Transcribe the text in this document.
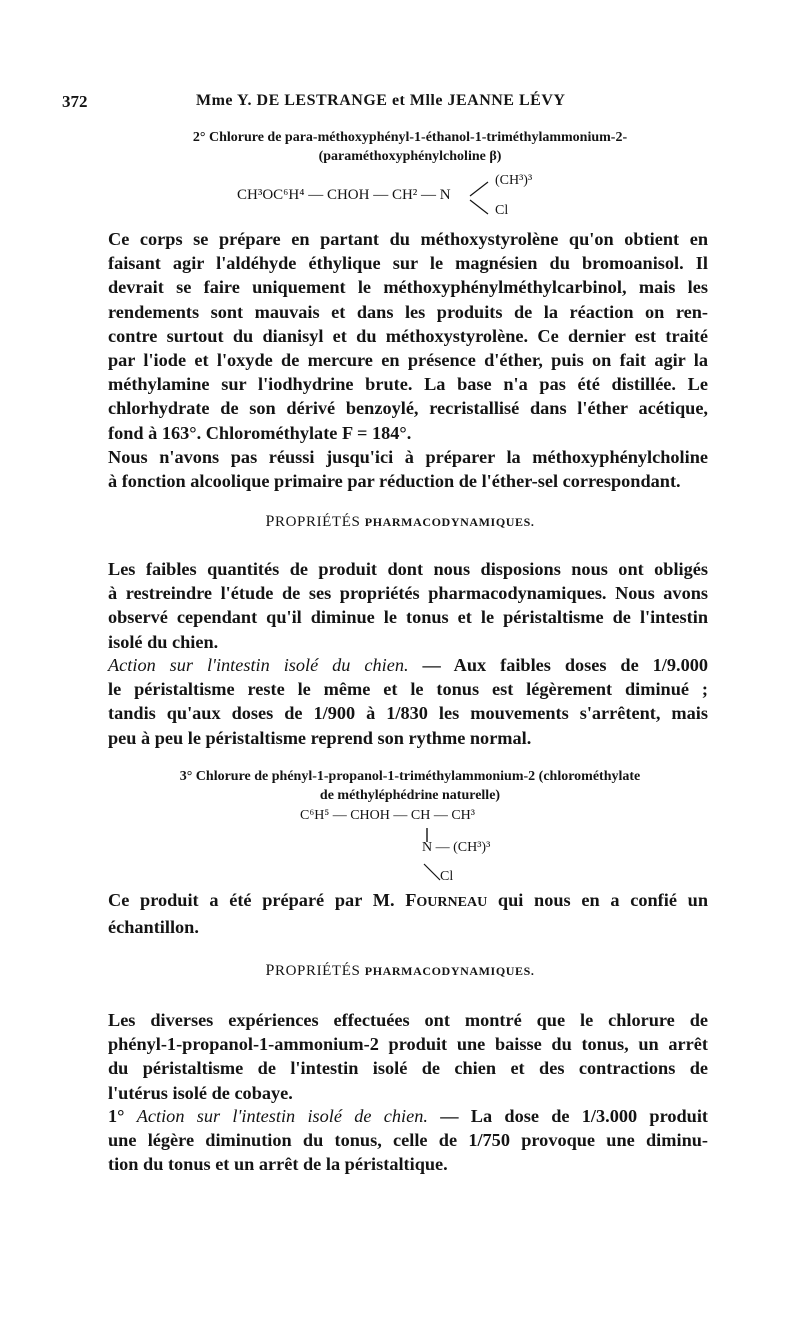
372	Mme Y. DE LESTRANGE et Mlle JEANNE LÉVY
2° Chlorure de para-méthoxyphényl-1-éthanol-1-triméthylammonium-2-
(paraméthoxyphénylcholine β)
CH³OC⁶H⁴ — CHOH — CH² — N
(CH³)³
Cl
Ce corps se prépare en partant du méthoxystyrolène qu'on obtient en
faisant agir l'aldéhyde éthylique sur le magnésien du bromoanisol. Il
devrait se faire uniquement le méthoxyphénylméthylcarbinol, mais les
rendements sont mauvais et dans les produits de la réaction on ren-
contre surtout du dianisyl et du méthoxystyrolène. Ce dernier est traité
par l'iode et l'oxyde de mercure en présence d'éther, puis on fait agir la
méthylamine sur l'iodhydrine brute. La base n'a pas été distillée. Le
chlorhydrate de son dérivé benzoylé, recristallisé dans l'éther acétique,
fond à 163°. Chlorométhylate F = 184°.
Nous n'avons pas réussi jusqu'ici à préparer la méthoxyphénylcholine
à fonction alcoolique primaire par réduction de l'éther-sel correspondant.
PROPRIÉTÉS PHARMACODYNAMIQUES.
Les faibles quantités de produit dont nous disposions nous ont obligés
à restreindre l'étude de ses propriétés pharmacodynamiques. Nous avons
observé cependant qu'il diminue le tonus et le péristaltisme de l'intestin
isolé du chien.
Action sur l'intestin isolé du chien. — Aux faibles doses de 1/9.000
le péristaltisme reste le même et le tonus est légèrement diminué ;
tandis qu'aux doses de 1/900 à 1/830 les mouvements s'arrêtent, mais
peu à peu le péristaltisme reprend son rythme normal.
3° Chlorure de phényl-1-propanol-1-triméthylammonium-2 (chlorométhylate
de méthyléphédrine naturelle)
C⁶H⁵ — CHOH — CH — CH³
N — (CH³)³
Cl
Ce produit a été préparé par M. FOURNEAU qui nous en a confié un
échantillon.
PROPRIÉTÉS PHARMACODYNAMIQUES.
Les diverses expériences effectuées ont montré que le chlorure de
phényl-1-propanol-1-ammonium-2 produit une baisse du tonus, un arrêt
du péristaltisme de l'intestin isolé de chien et des contractions de
l'utérus isolé de cobaye.
1° Action sur l'intestin isolé de chien. — La dose de 1/3.000 produit
une légère diminution du tonus, celle de 1/750 provoque une diminu-
tion du tonus et un arrêt de la péristaltique.
